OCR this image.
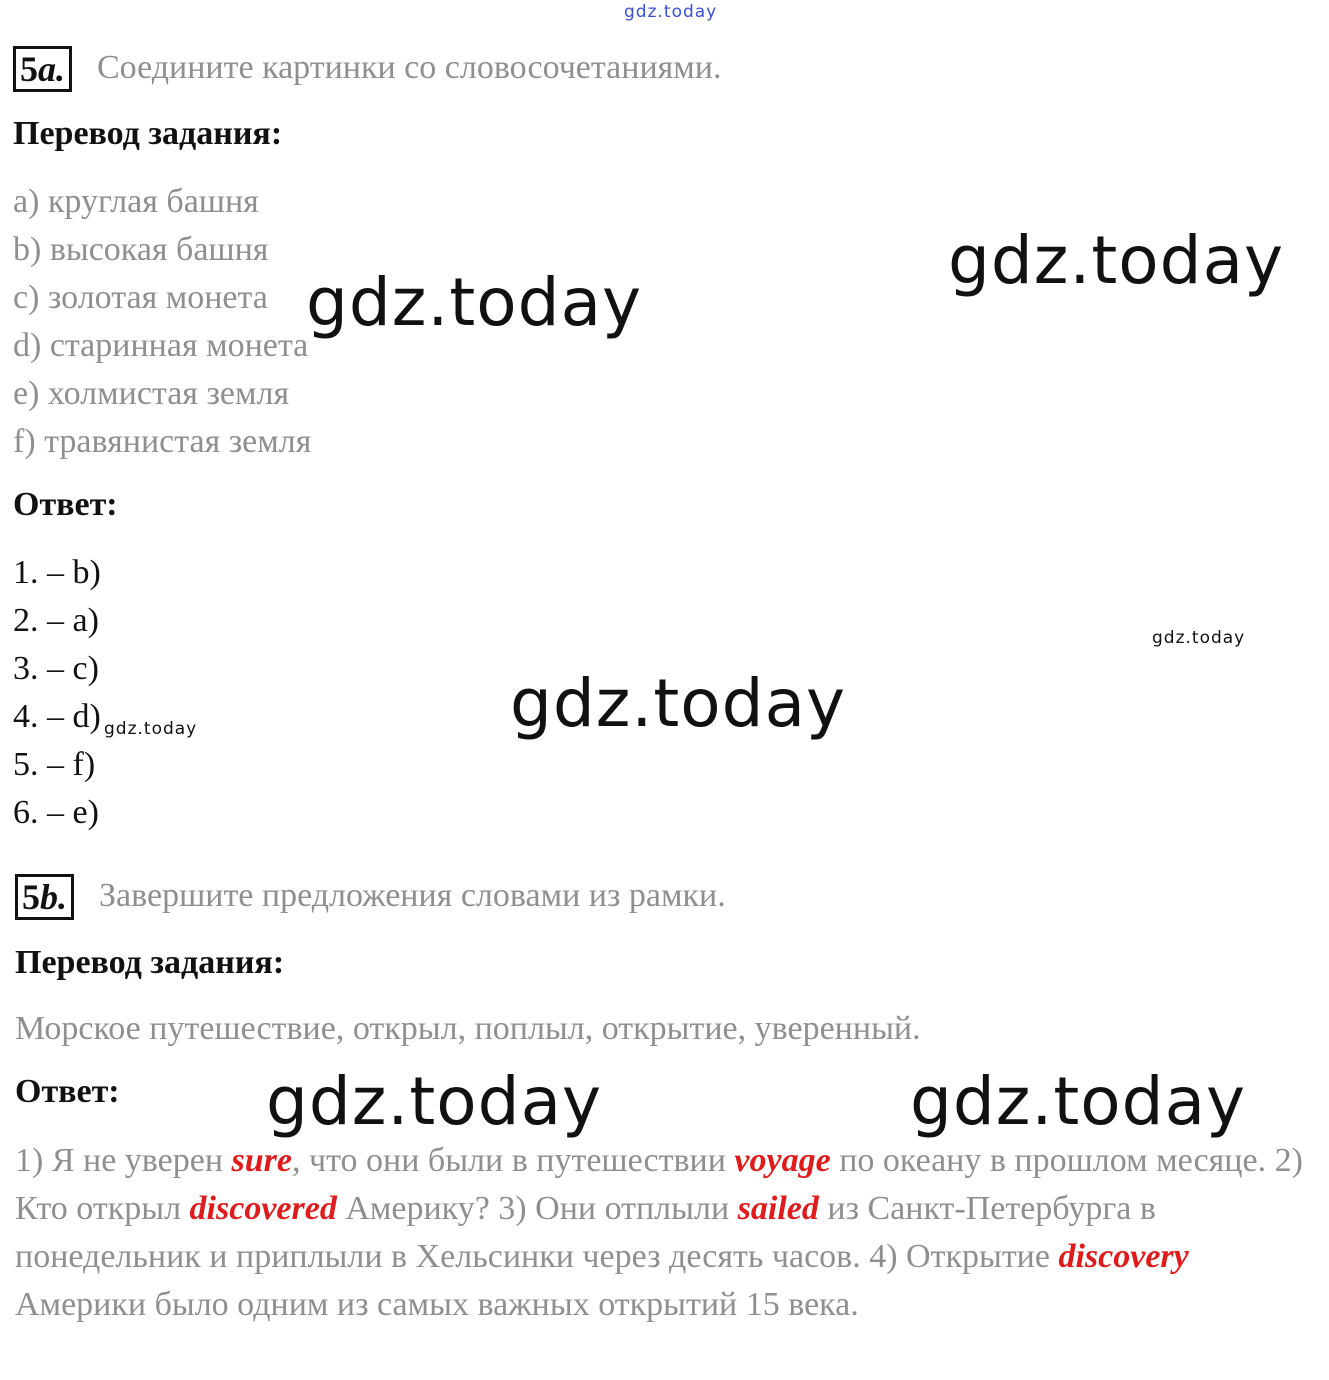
gdz.today
5a. Соедините картинки со словосочетаниями.
Перевод задания:
a) круглая башня
b) высокая башня
c) золотая монета
d) старинная монета
e) холмистая земля
f) травянистая земля
Ответ:
1. – b)
2. – a)
3. – c)
4. – d)
5. – f)
6. – e)
gdz.today
gdz.today
gdz.today
gdz.today
gdz.today
5b. Завершите предложения словами из рамки.
Перевод задания:
Морское путешествие, открыл, поплыл, открытие, уверенный.
Ответ:
1) Я не уверен sure, что они были в путешествии voyage по океану в прошлом месяце. 2) Кто открыл discovered Америку? 3) Они отплыли sailed из Санкт-Петербурга в понедельник и приплыли в Хельсинки через десять часов. 4) Открытие discovery Америки было одним из самых важных открытий 15 века.
gdz.today	gdz.today
